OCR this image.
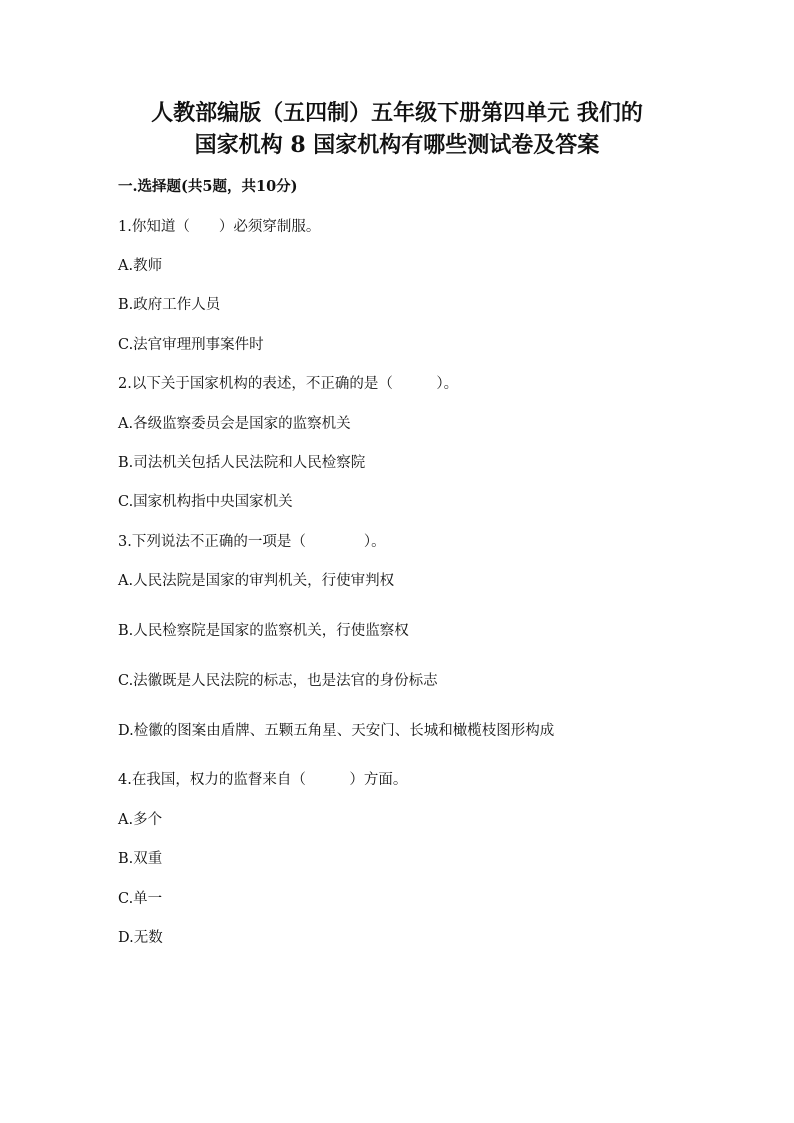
人教部编版（五四制）五年级下册第四单元 我们的
国家机构 8 国家机构有哪些测试卷及答案
一.选择题(共5题，共10分)
1.你知道（　　）必须穿制服。
A.教师
B.政府工作人员
C.法官审理刑事案件时
2.以下关于国家机构的表述，不正确的是（　　　）。
A.各级监察委员会是国家的监察机关
B.司法机关包括人民法院和人民检察院
C.国家机构指中央国家机关
3.下列说法不正确的一项是（　　　　）。
A.人民法院是国家的审判机关，行使审判权
B.人民检察院是国家的监察机关，行使监察权
C.法徽既是人民法院的标志，也是法官的身份标志
D.检徽的图案由盾牌、五颗五角星、天安门、长城和橄榄枝图形构成
4.在我国，权力的监督来自（　　　）方面。
A.多个
B.双重
C.单一
D.无数
